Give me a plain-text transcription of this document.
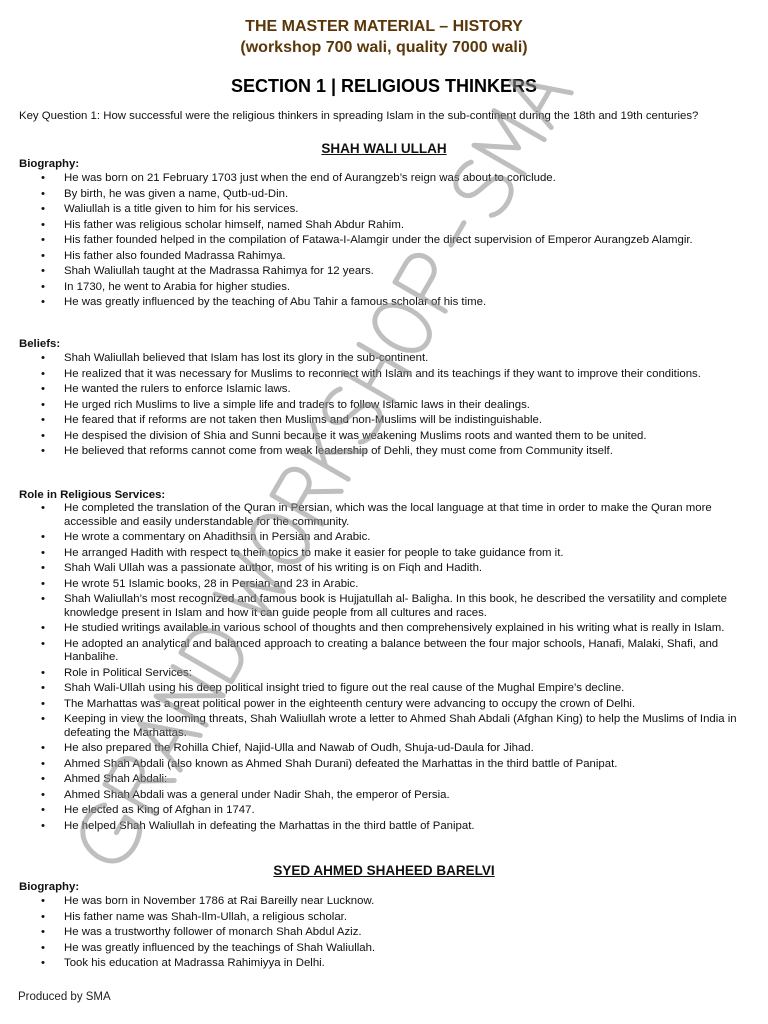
THE MASTER MATERIAL – HISTORY
(workshop 700 wali, quality 7000 wali)
SECTION 1 | RELIGIOUS THINKERS

Key Question 1: How successful were the religious thinkers in spreading Islam in the sub-continent during the 18th and 19th centuries?

SHAH WALI ULLAH
Biography:
• He was born on 21 February 1703 just when the end of Aurangzeb’s reign was about to conclude.
• By birth, he was given a name, Qutb-ud-Din.
• Waliullah is a title given to him for his services.
• His father was religious scholar himself, named Shah Abdur Rahim.
• His father founded helped in the compilation of Fatawa-I-Alamgir under the direct supervision of Emperor Aurangzeb Alamgir.
• His father also founded Madrassa Rahimya.
• Shah Waliullah taught at the Madrassa Rahimya for 12 years.
• In 1730, he went to Arabia for higher studies.
• He was greatly influenced by the teaching of Abu Tahir a famous scholar of his time.
Beliefs:
• Shah Waliullah believed that Islam has lost its glory in the sub-continent.
• He realized that it was necessary for Muslims to reconnect with Islam and its teachings if they want to improve their conditions.
• He wanted the rulers to enforce Islamic laws.
• He urged rich Muslims to live a simple life and traders to follow Islamic laws in their dealings.
• He feared that if reforms are not taken then Muslims and non-Muslims will be indistinguishable.
• He despised the division of Shia and Sunni because it was weakening Muslims roots and wanted them to be united.
• He believed that reforms cannot come from weak leadership of Dehli, they must come from Community itself.
Role in Religious Services:
• He completed the translation of the Quran in Persian, which was the local language at that time in order to make the Quran more accessible and easily understandable for the community.
• He wrote a commentary on Ahadithsin in Persian and Arabic.
• He arranged Hadith with respect to their topics to make it easier for people to take guidance from it.
• Shah Wali Ullah was a passionate author, most of his writing is on Fiqh and Hadith.
• He wrote 51 Islamic books, 28 in Persian and 23 in Arabic.
• Shah Waliullah’s most recognized and famous book is Hujjatullah al- Baligha. In this book, he described the versatility and complete knowledge present in Islam and how it can guide people from all cultures and races.
• He studied writings available in various school of thoughts and then comprehensively explained in his writing what is really in Islam.
• He adopted an analytical and balanced approach to creating a balance between the four major schools, Hanafi, Malaki, Shafi, and Hanbalihe.
• Role in Political Services:
• Shah Wali-Ullah using his deep political insight tried to figure out the real cause of the Mughal Empire’s decline.
• The Marhattas was a great political power in the eighteenth century were advancing to occupy the crown of Delhi.
• Keeping in view the looming threats, Shah Waliullah wrote a letter to Ahmed Shah Abdali (Afghan King) to help the Muslims of India in defeating the Marhattas.
• He also prepared the Rohilla Chief, Najid-Ulla and Nawab of Oudh, Shuja-ud-Daula for Jihad.
• Ahmed Shah Abdali (also known as Ahmed Shah Durani) defeated the Marhattas in the third battle of Panipat.
• Ahmed Shah Abdali:
• Ahmed Shah Abdali was a general under Nadir Shah, the emperor of Persia.
• He elected as King of Afghan in 1747.
• He helped Shah Waliullah in defeating the Marhattas in the third battle of Panipat.
SYED AHMED SHAHEED BARELVI
Biography:
• He was born in November 1786 at Rai Bareilly near Lucknow.
• His father name was Shah-Ilm-Ullah, a religious scholar.
• He was a trustworthy follower of monarch Shah Abdul Aziz.
• He was greatly influenced by the teachings of Shah Waliullah.
• Took his education at Madrassa Rahimiyya in Delhi.
Produced by SMA
